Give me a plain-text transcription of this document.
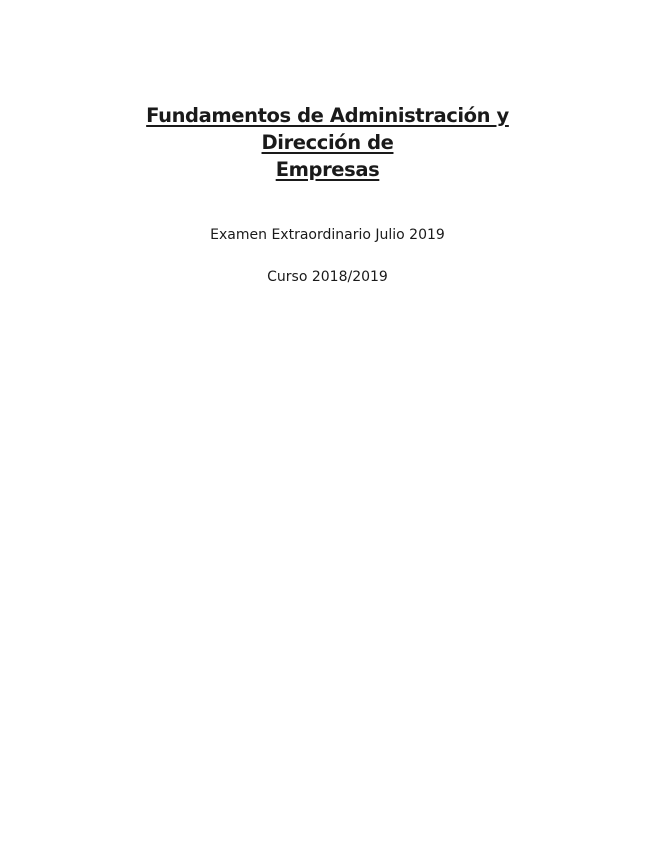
Fundamentos de Administración y Dirección de
Empresas

Examen Extraordinario Julio 2019

Curso 2018/2019
